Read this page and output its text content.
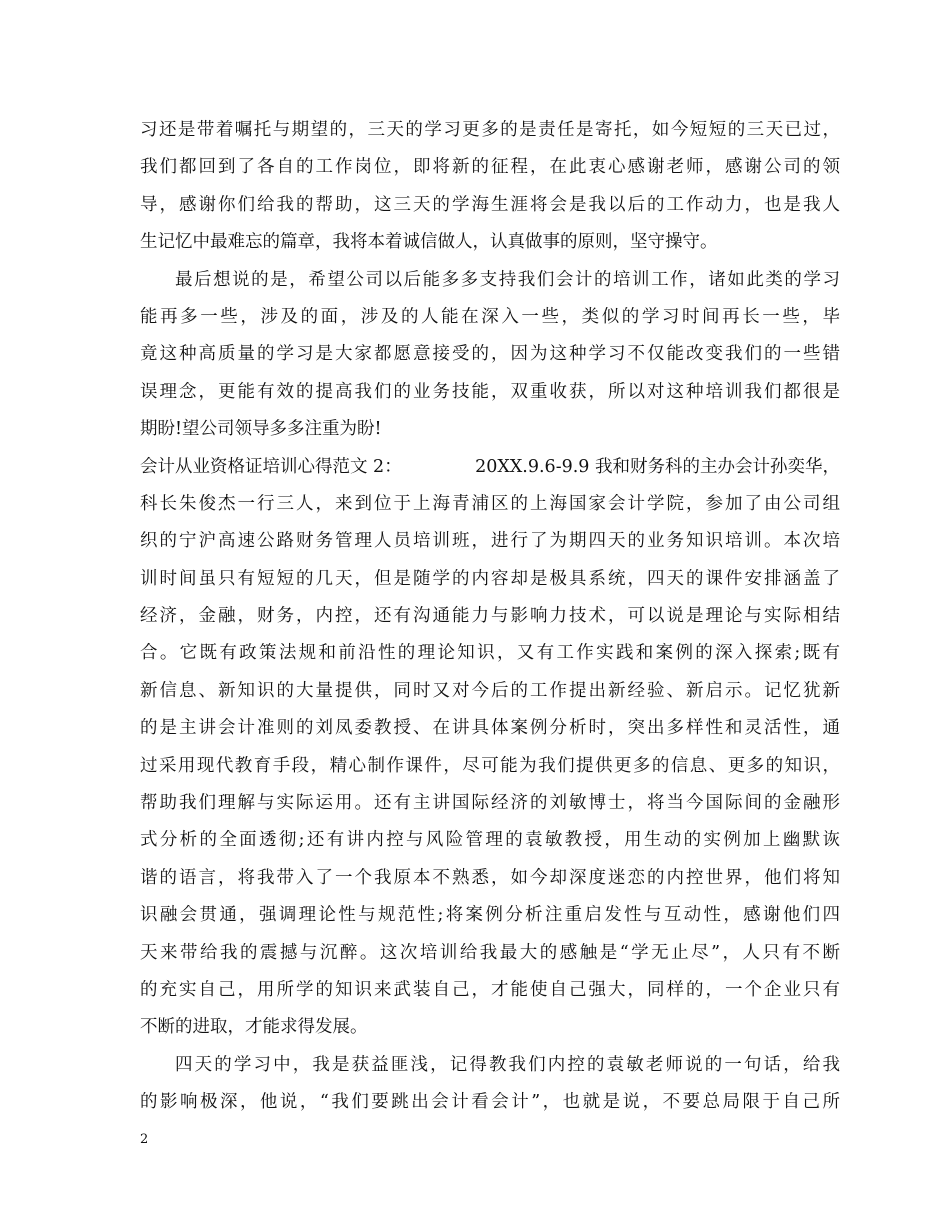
习还是带着嘱托与期望的，三天的学习更多的是责任是寄托，如今短短的三天已过，
我们都回到了各自的工作岗位，即将新的征程，在此衷心感谢老师，感谢公司的领
导，感谢你们给我的帮助，这三天的学海生涯将会是我以后的工作动力，也是我人
生记忆中最难忘的篇章，我将本着诚信做人，认真做事的原则，坚守操守。
最后想说的是，希望公司以后能多多支持我们会计的培训工作，诸如此类的学习
能再多一些，涉及的面，涉及的人能在深入一些，类似的学习时间再长一些，毕
竟这种高质量的学习是大家都愿意接受的，因为这种学习不仅能改变我们的一些错
误理念，更能有效的提高我们的业务技能，双重收获，所以对这种培训我们都很是
期盼!望公司领导多多注重为盼!
会计从业资格证培训心得范文 2：	20XX.9.6-9.9 我和财务科的主办会计孙奕华，
科长朱俊杰一行三人，来到位于上海青浦区的上海国家会计学院，参加了由公司组
织的宁沪高速公路财务管理人员培训班，进行了为期四天的业务知识培训。本次培
训时间虽只有短短的几天，但是随学的内容却是极具系统，四天的课件安排涵盖了
经济，金融，财务，内控，还有沟通能力与影响力技术，可以说是理论与实际相结
合。它既有政策法规和前沿性的理论知识，又有工作实践和案例的深入探索;既有
新信息、新知识的大量提供，同时又对今后的工作提出新经验、新启示。记忆犹新
的是主讲会计准则的刘凤委教授、在讲具体案例分析时，突出多样性和灵活性，通
过采用现代教育手段，精心制作课件，尽可能为我们提供更多的信息、更多的知识，
帮助我们理解与实际运用。还有主讲国际经济的刘敏博士，将当今国际间的金融形
式分析的全面透彻;还有讲内控与风险管理的袁敏教授，用生动的实例加上幽默诙
谐的语言，将我带入了一个我原本不熟悉，如今却深度迷恋的内控世界，他们将知
识融会贯通，强调理论性与规范性;将案例分析注重启发性与互动性，感谢他们四
天来带给我的震撼与沉醉。这次培训给我最大的感触是“学无止尽”，人只有不断
的充实自己，用所学的知识来武装自己，才能使自己强大，同样的，一个企业只有
不断的进取，才能求得发展。
四天的学习中，我是获益匪浅，记得教我们内控的袁敏老师说的一句话，给我
的影响极深，他说，“我们要跳出会计看会计”，也就是说，不要总局限于自己所
2
